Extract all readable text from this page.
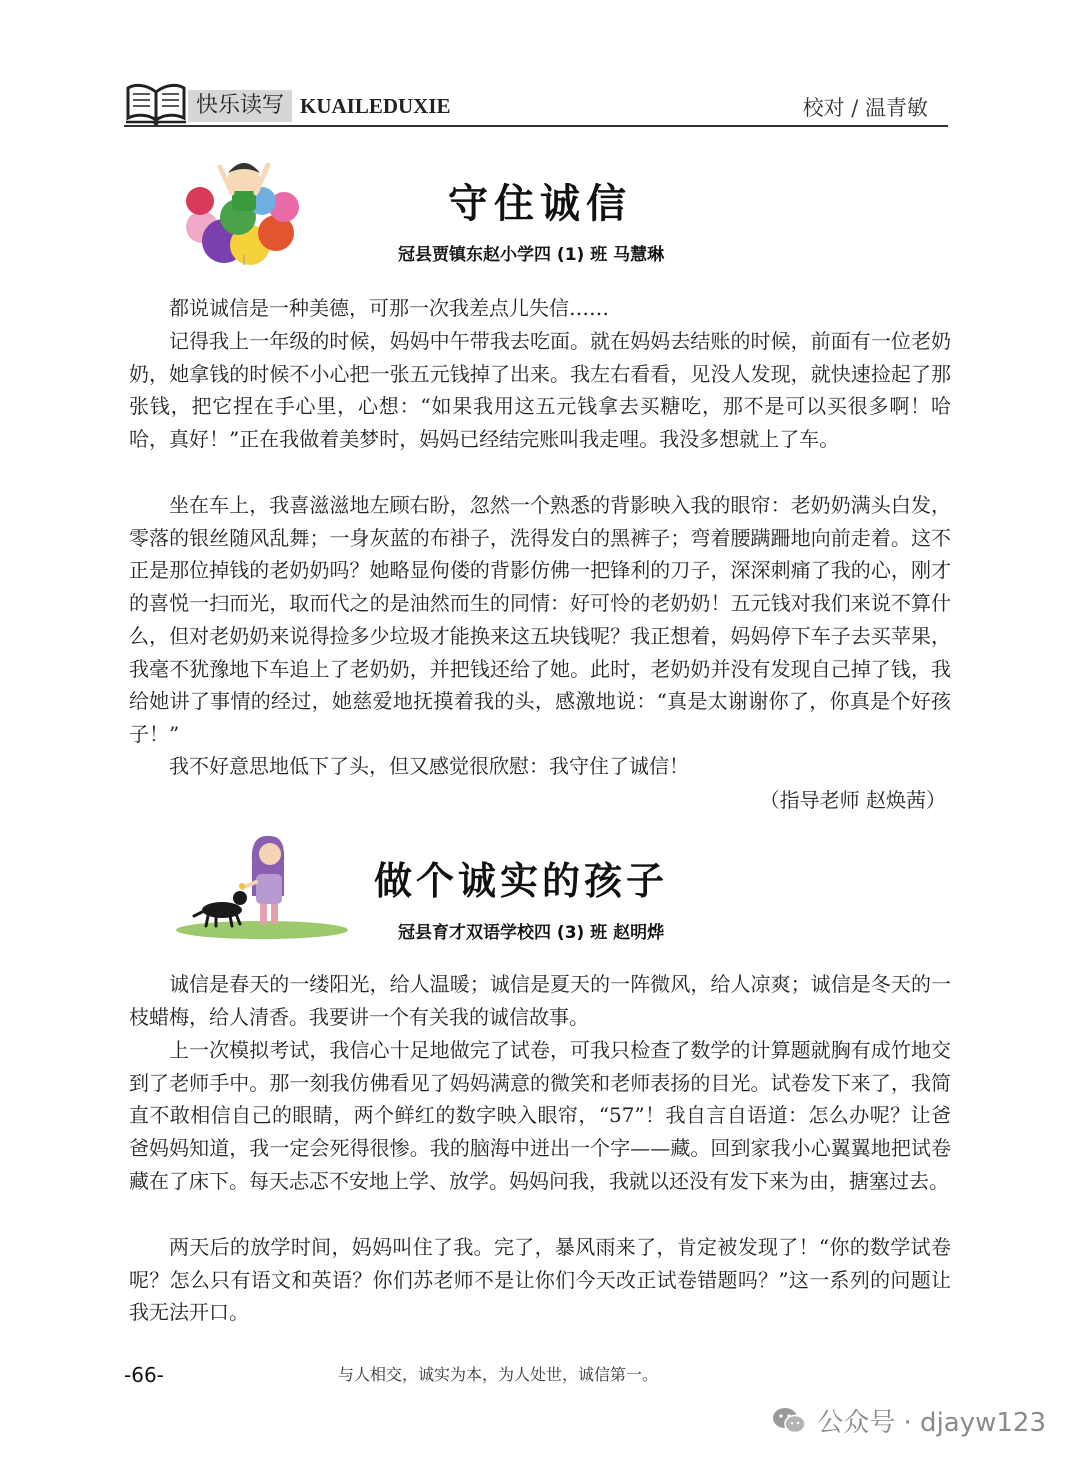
快乐读写 KUAILEDUXIE	校对 / 温青敏
守住诚信
冠县贾镇东赵小学四 (1) 班 马慧琳

都说诚信是一种美德，可那一次我差点儿失信……

记得我上一年级的时候，妈妈中午带我去吃面。就在妈妈去结账的时候，前面有一位老奶奶，她拿钱的时候不小心把一张五元钱掉了出来。我左右看看，见没人发现，就快速捡起了那张钱，把它捏在手心里，心想：“如果我用这五元钱拿去买糖吃，那不是可以买很多啊！哈哈，真好！”正在我做着美梦时，妈妈已经结完账叫我走哩。我没多想就上了车。

坐在车上，我喜滋滋地左顾右盼，忽然一个熟悉的背影映入我的眼帘：老奶奶满头白发，零落的银丝随风乱舞；一身灰蓝的布褂子，洗得发白的黑裤子；弯着腰蹒跚地向前走着。这不正是那位掉钱的老奶奶吗？她略显佝偻的背影仿佛一把锋利的刀子，深深刺痛了我的心，刚才的喜悦一扫而光，取而代之的是油然而生的同情：好可怜的老奶奶！五元钱对我们来说不算什么，但对老奶奶来说得捡多少垃圾才能换来这五块钱呢？我正想着，妈妈停下车子去买苹果，我毫不犹豫地下车追上了老奶奶，并把钱还给了她。此时，老奶奶并没有发现自己掉了钱，我给她讲了事情的经过，她慈爱地抚摸着我的头，感激地说：“真是太谢谢你了，你真是个好孩子！”

我不好意思地低下了头，但又感觉很欣慰：我守住了诚信！

（指导老师 赵焕茜）
做个诚实的孩子
冠县育才双语学校四 (3) 班 赵明烨

诚信是春天的一缕阳光，给人温暖；诚信是夏天的一阵微风，给人凉爽；诚信是冬天的一枝蜡梅，给人清香。我要讲一个有关我的诚信故事。

上一次模拟考试，我信心十足地做完了试卷，可我只检查了数学的计算题就胸有成竹地交到了老师手中。那一刻我仿佛看见了妈妈满意的微笑和老师表扬的目光。试卷发下来了，我简直不敢相信自己的眼睛，两个鲜红的数字映入眼帘，“57”！我自言自语道：怎么办呢？让爸爸妈妈知道，我一定会死得很惨。我的脑海中迸出一个字——藏。回到家我小心翼翼地把试卷藏在了床下。每天忐忑不安地上学、放学。妈妈问我，我就以还没有发下来为由，搪塞过去。

两天后的放学时间，妈妈叫住了我。完了，暴风雨来了，肯定被发现了！“你的数学试卷呢？怎么只有语文和英语？你们苏老师不是让你们今天改正试卷错题吗？”这一系列的问题让我无法开口。

-66-	与人相交，诚实为本，为人处世，诚信第一。
公众号 · djayw123
